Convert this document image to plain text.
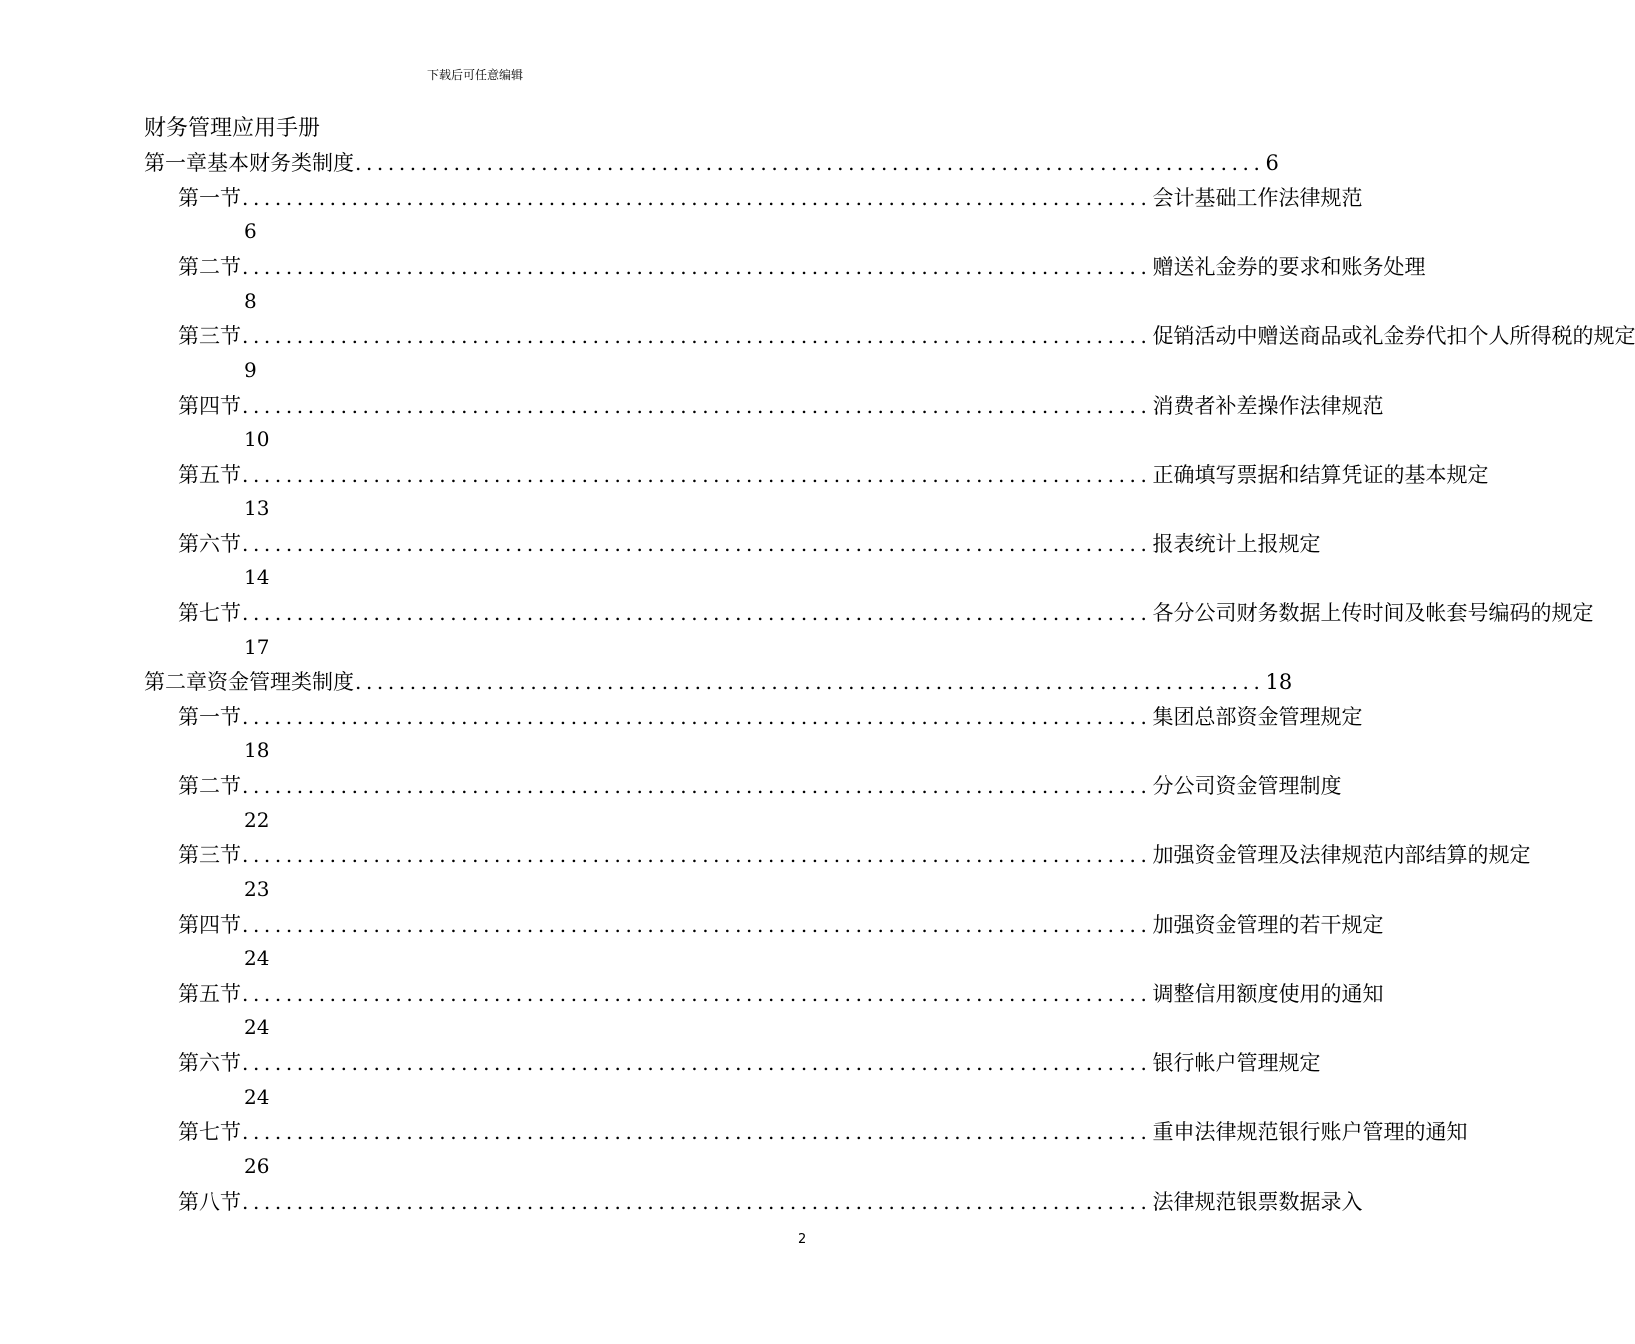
下载后可任意编辑
财务管理应用手册
第一章 基本财务类制度 ................................................................................... 6
第一节 ................................................................................... 会计基础工作法律规范
6
第二节 ................................................................................... 赠送礼金券的要求和账务处理
8
第三节 ................................................................................... 促销活动中赠送商品或礼金券代扣个人所得税的规定
9
第四节 ................................................................................... 消费者补差操作法律规范
10
第五节 ................................................................................... 正确填写票据和结算凭证的基本规定
13
第六节 ................................................................................... 报表统计上报规定
14
第七节 ................................................................................... 各分公司财务数据上传时间及帐套号编码的规定
17
第二章 资金管理类制度 ................................................................................... 18
第一节 ................................................................................... 集团总部资金管理规定
18
第二节 ................................................................................... 分公司资金管理制度
22
第三节 ................................................................................... 加强资金管理及法律规范内部结算的规定
23
第四节 ................................................................................... 加强资金管理的若干规定
24
第五节 ................................................................................... 调整信用额度使用的通知
24
第六节 ................................................................................... 银行帐户管理规定
24
第七节 ................................................................................... 重申法律规范银行账户管理的通知
26
第八节 ................................................................................... 法律规范银票数据录入
2
